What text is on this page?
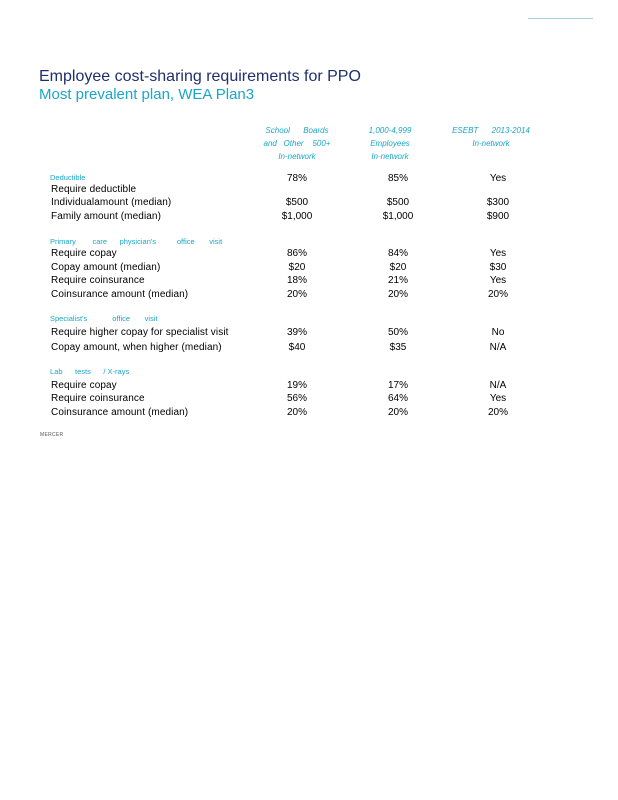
Employee cost-sharing requirements for PPO
Most prevalent plan, WEA Plan3
School      Boards
and   Other    500+
In-network
1,000-4,999
Employees
In-network
ESEBT      2013-2014
In-network
Deductible	78%	85%	Yes
Require deductible
Individualamount (median)	$500	$500	$300
Family amount (median)	$1,000	$1,000	$900
Primary        care      physician's          office       visit
Require copay	86%	84%	Yes
Copay amount (median)	$20	$20	$30
Require coinsurance	18%	21%	Yes
Coinsurance amount (median)	20%	20%	20%
Specialist's            office       visit
Require higher copay for specialist visit	39%	50%	No
Copay amount, when higher (median)	$40	$35	N/A
Lab      tests      / X-rays
Require copay	19%	17%	N/A
Require coinsurance	56%	64%	Yes
Coinsurance amount (median)	20%	20%	20%
MERCER
